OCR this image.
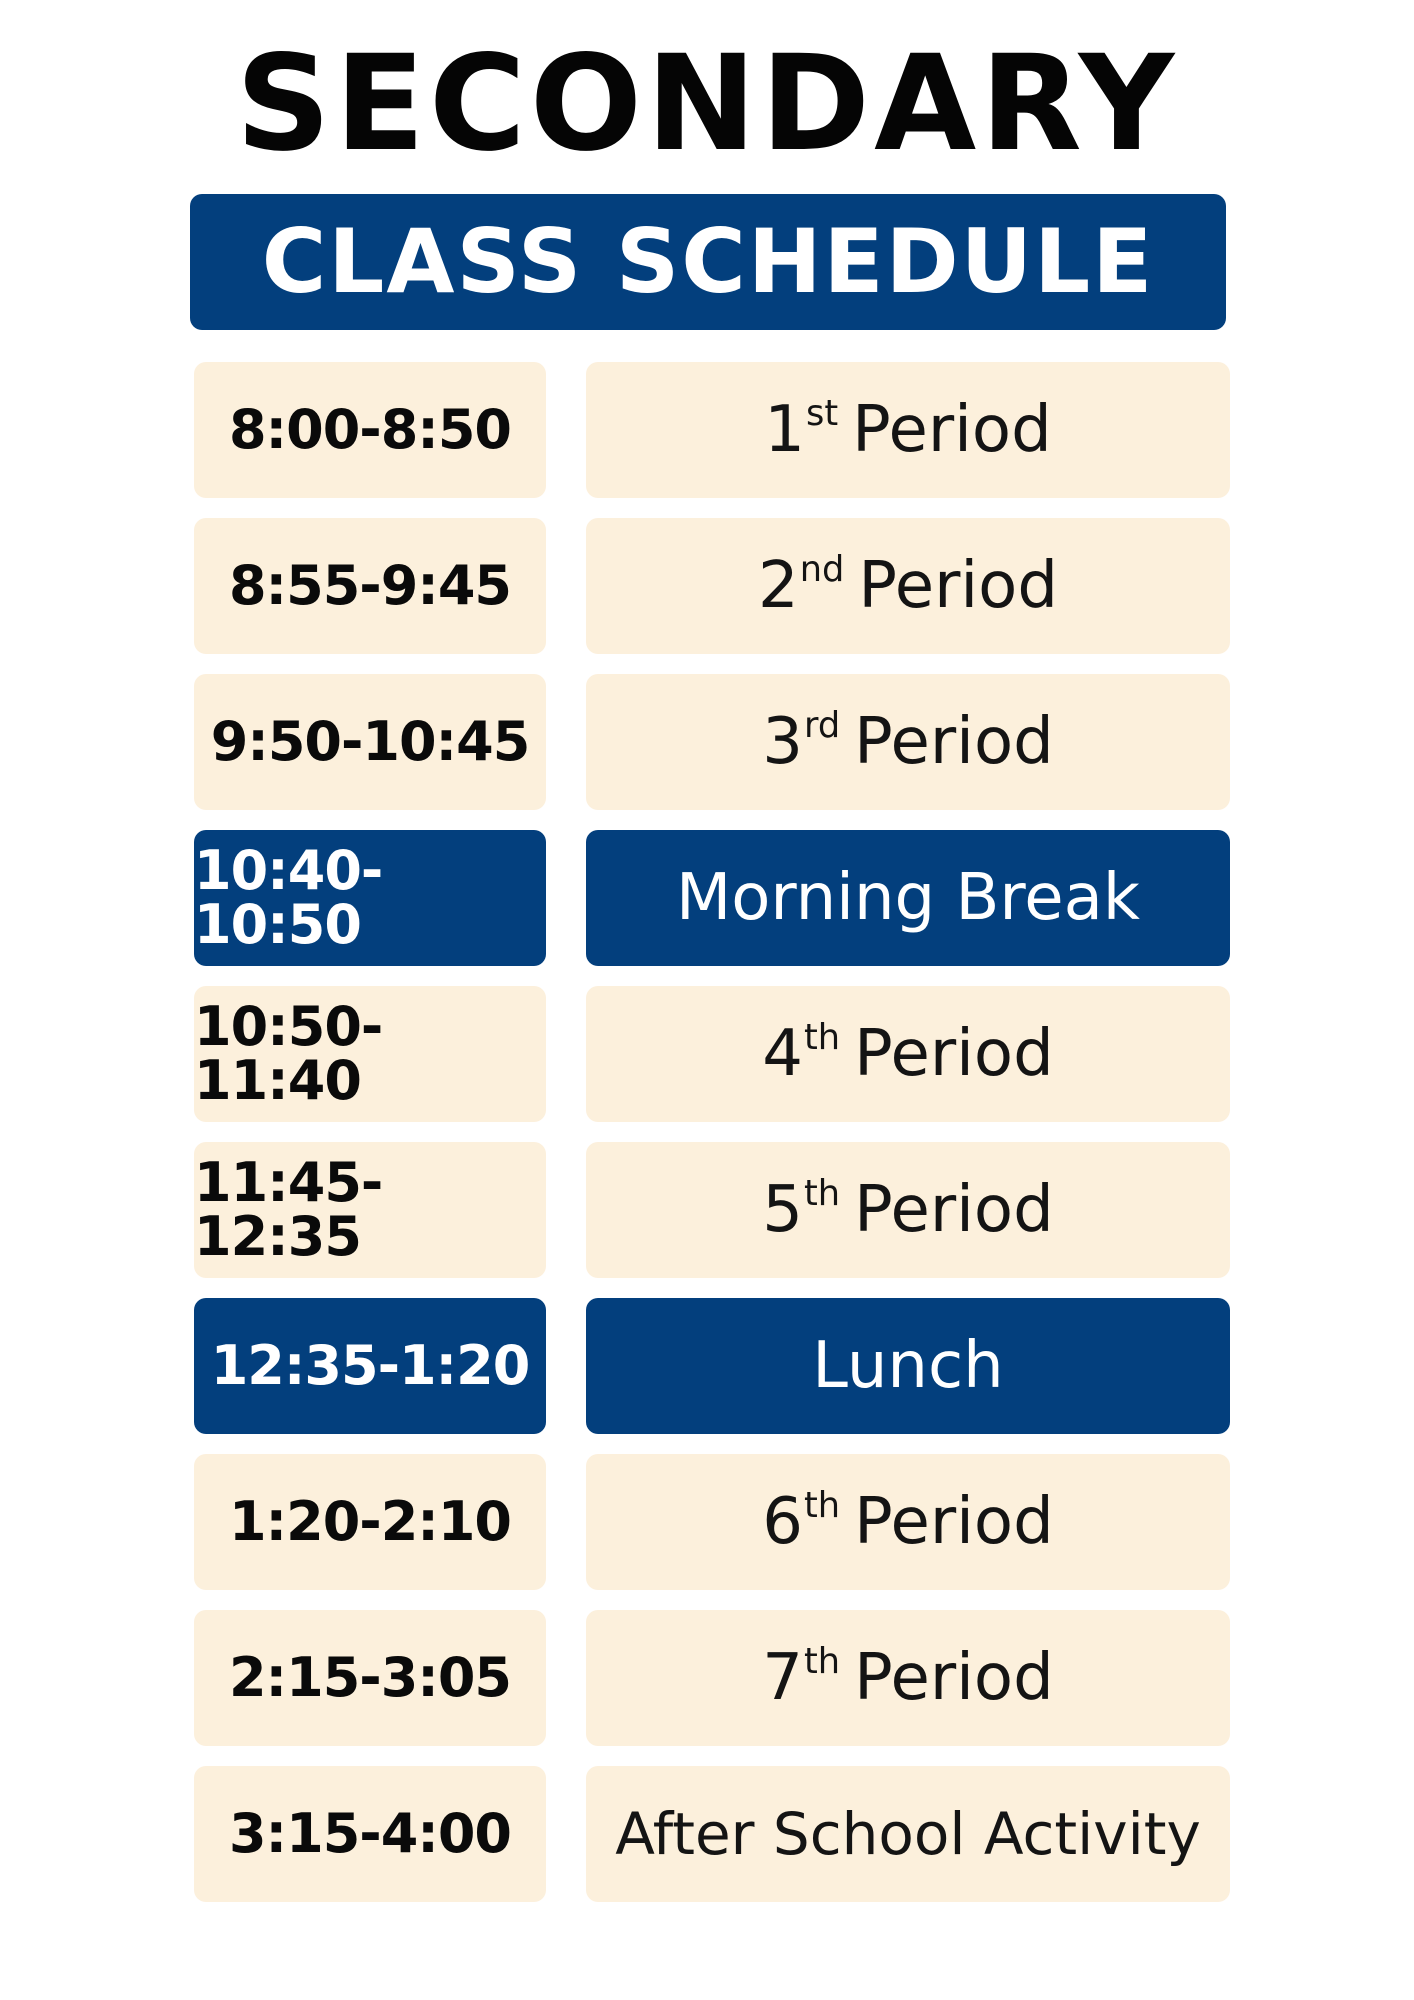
SECONDARY
CLASS SCHEDULE
8:00-8:50	1st Period
8:55-9:45	2nd Period
9:50-10:45	3rd Period
10:40-10:50	Morning Break
10:50-11:40	4th Period
11:45-12:35	5th Period
12:35-1:20	Lunch
1:20-2:10	6th Period
2:15-3:05	7th Period
3:15-4:00 After School Activity
